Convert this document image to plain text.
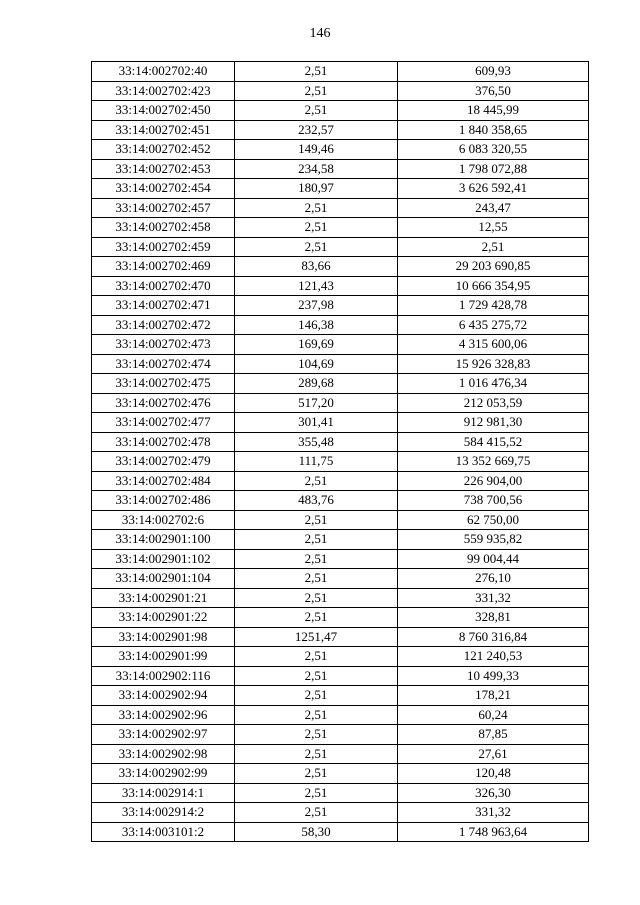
146
33:14:002702:40	2,51	609,93
33:14:002702:423	2,51	376,50
33:14:002702:450	2,51	18 445,99
33:14:002702:451	232,57	1 840 358,65
33:14:002702:452	149,46	6 083 320,55
33:14:002702:453	234,58	1 798 072,88
33:14:002702:454	180,97	3 626 592,41
33:14:002702:457	2,51	243,47
33:14:002702:458	2,51	12,55
33:14:002702:459	2,51	2,51
33:14:002702:469	83,66	29 203 690,85
33:14:002702:470	121,43	10 666 354,95
33:14:002702:471	237,98	1 729 428,78
33:14:002702:472	146,38	6 435 275,72
33:14:002702:473	169,69	4 315 600,06
33:14:002702:474	104,69	15 926 328,83
33:14:002702:475	289,68	1 016 476,34
33:14:002702:476	517,20	212 053,59
33:14:002702:477	301,41	912 981,30
33:14:002702:478	355,48	584 415,52
33:14:002702:479	111,75	13 352 669,75
33:14:002702:484	2,51	226 904,00
33:14:002702:486	483,76	738 700,56
33:14:002702:6	2,51	62 750,00
33:14:002901:100	2,51	559 935,82
33:14:002901:102	2,51	99 004,44
33:14:002901:104	2,51	276,10
33:14:002901:21	2,51	331,32
33:14:002901:22	2,51	328,81
33:14:002901:98	1251,47	8 760 316,84
33:14:002901:99	2,51	121 240,53
33:14:002902:116	2,51	10 499,33
33:14:002902:94	2,51	178,21
33:14:002902:96	2,51	60,24
33:14:002902:97	2,51	87,85
33:14:002902:98	2,51	27,61
33:14:002902:99	2,51	120,48
33:14:002914:1	2,51	326,30
33:14:002914:2	2,51	331,32
33:14:003101:2	58,30	1 748 963,64
